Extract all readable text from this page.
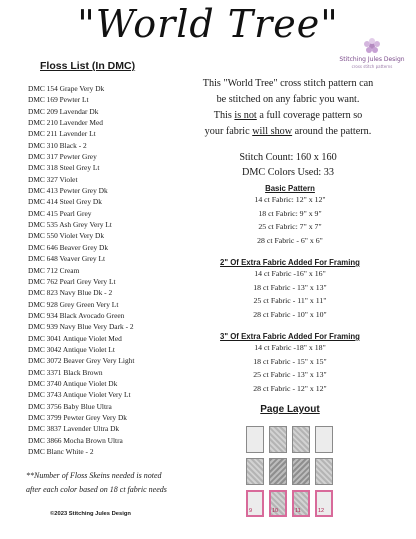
"World Tree"
Stitching Jules Design
cross stitch patterns
Floss List (In DMC)
DMC 154 Grape Very Dk
DMC 169 Pewter Lt
DMC 209 Lavendar Dk
DMC 210 Lavender Med
DMC 211 Lavender Lt
DMC 310 Black - 2
DMC 317 Pewter Grey
DMC 318 Steel Grey Lt
DMC 327 Violet
DMC 413 Pewter Grey Dk
DMC 414 Steel Grey Dk
DMC 415 Pearl Grey
DMC 535 Ash Grey Very Lt
DMC 550 Violet Very Dk
DMC 646 Beaver Grey Dk
DMC 648 Veaver Grey Lt
DMC 712 Cream
DMC 762 Pearl Grey Very Lt
DMC 823 Navy Blue Dk - 2
DMC 928 Grey Green Very Lt
DMC 934 Black Avocado Green
DMC 939 Navy Blue Very Dark - 2
DMC 3041 Antique Violet Med
DMC 3042 Antique Violet Lt
DMC 3072 Beaver Grey Very Light
DMC 3371 Black Brown
DMC 3740 Antique Violet Dk
DMC 3743 Antique Violet Very Lt
DMC 3756 Baby Blue Ultra
DMC 3799 Pewter Grey Very Dk
DMC 3837 Lavender Ultra Dk
DMC 3866 Mocha Brown Ultra
DMC Blanc White - 2
**Number of Floss Skeins needed is noted
after each color based on 18 ct fabric needs
©2023 Stitching Jules Design

This "World Tree" cross stitch pattern can

be stitched on any fabric you want.

This is not a full coverage pattern so

your fabric will show around the pattern.

Stitch Count: 160 x 160
DMC Colors Used: 33
Basic Pattern
14 ct Fabric: 12" x 12"
18 ct Fabric: 9" x 9"
25 ct Fabric: 7" x 7"
28 ct Fabric - 6" x 6"
2" Of Extra Fabric Added For Framing
14 ct Fabric -16" x 16"
18 ct Fabric - 13" x 13"
25 ct Fabric - 11" x 11"
28 ct Fabric - 10" x 10"
3" Of Extra Fabric Added For Framing
14 ct Fabric -18" x 18"
18 ct Fabric - 15" x 15"
25 ct Fabric - 13" x 13"
28 ct Fabric - 12" x 12"
Page Layout
9	10	11	12
